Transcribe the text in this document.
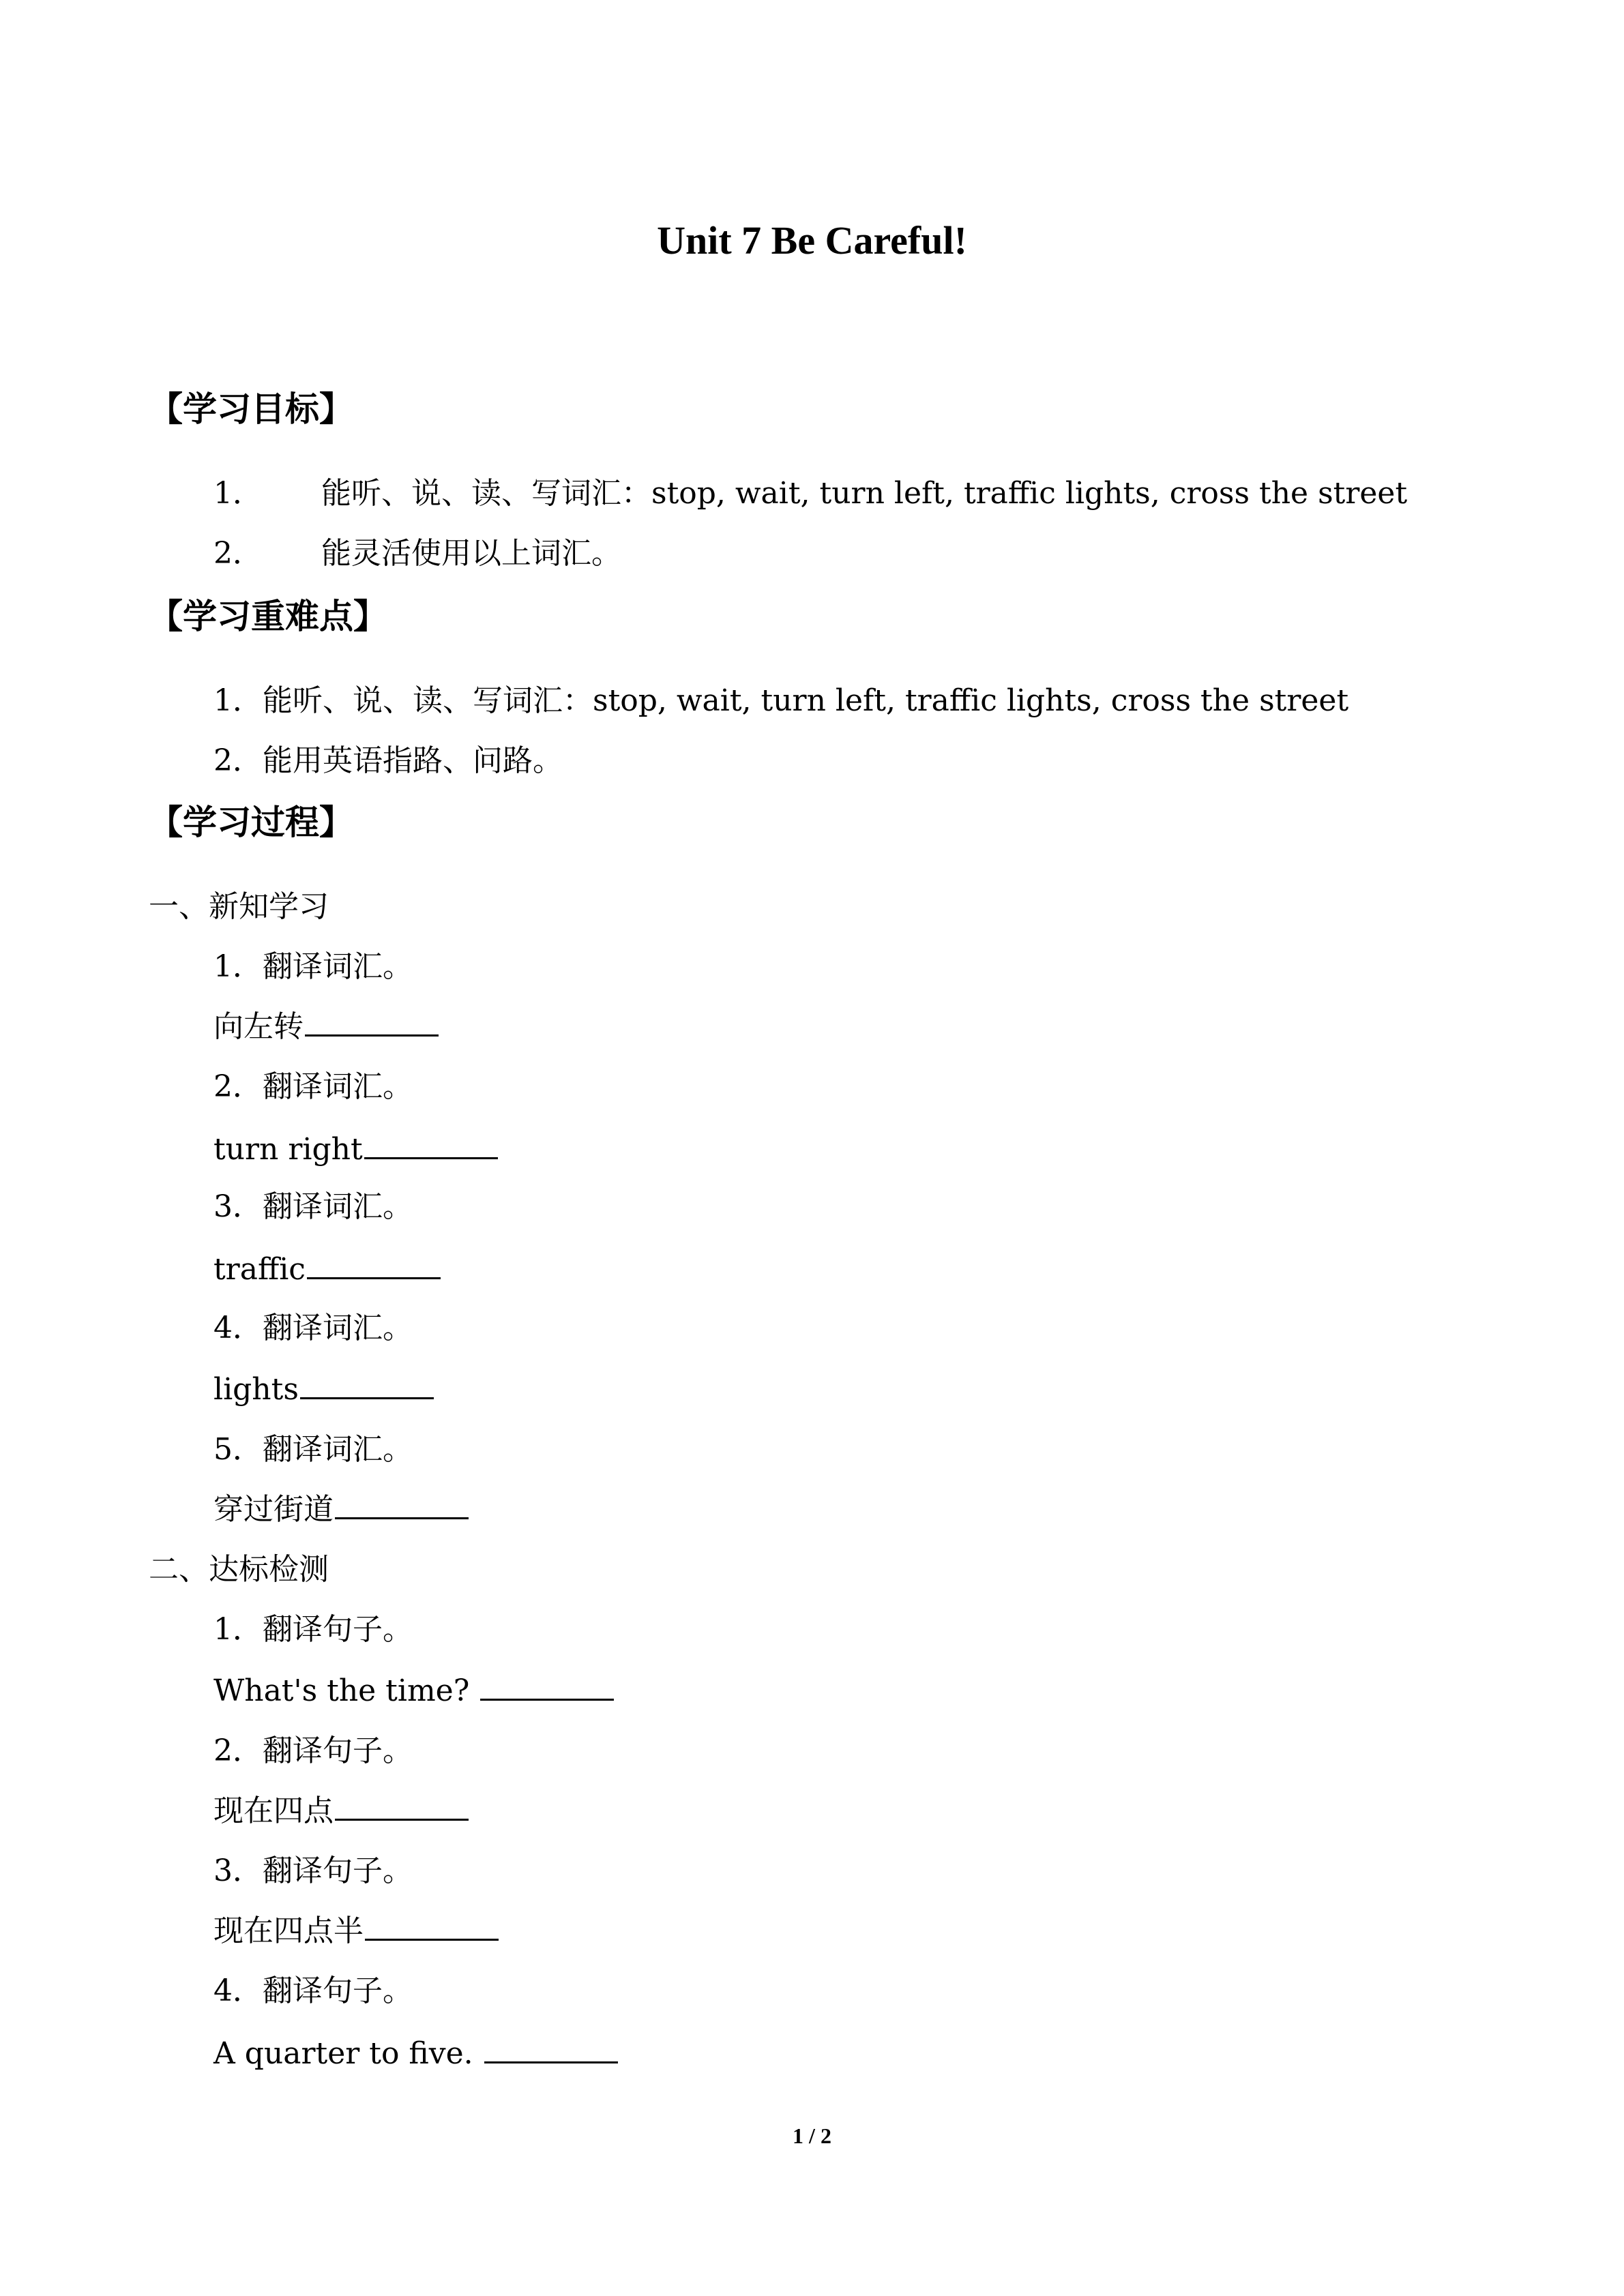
Unit 7 Be Careful!
【学习目标】
1． 能听、说、读、写词汇：stop, wait, turn left, traffic lights, cross the street
2． 能灵活使用以上词汇。
【学习重难点】
1．能听、说、读、写词汇：stop, wait, turn left, traffic lights, cross the street
2．能用英语指路、问路。
【学习过程】
一、新知学习
1．翻译词汇。
向左转
2．翻译词汇。
turn right
3．翻译词汇。
traffic
4．翻译词汇。
lights
5．翻译词汇。
穿过街道
二、达标检测
1．翻译句子。
What's the time?
2．翻译句子。
现在四点
3．翻译句子。
现在四点半
4．翻译句子。
A quarter to five.
1 / 2
